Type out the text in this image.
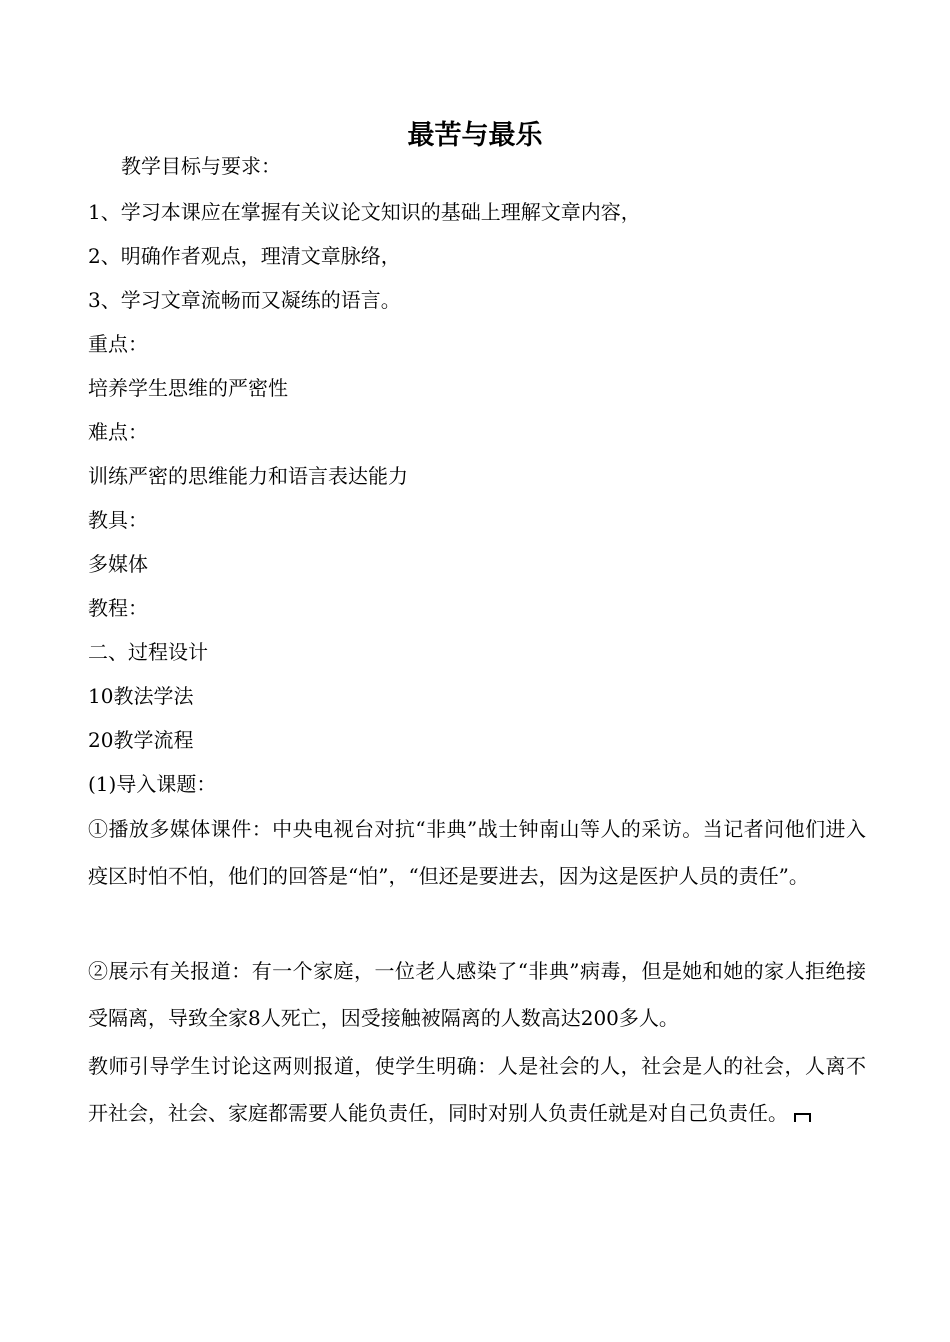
最苦与最乐
教学目标与要求：
1、学习本课应在掌握有关议论文知识的基础上理解文章内容，
2、明确作者观点，理清文章脉络，
3、学习文章流畅而又凝练的语言。
重点：
培养学生思维的严密性
难点：
训练严密的思维能力和语言表达能力
教具：
多媒体
教程：
二、过程设计
10教法学法
20教学流程
(1)导入课题：
①播放多媒体课件：中央电视台对抗“非典”战士钟南山等人的采访。当记者问他们进入疫区时怕不怕，他们的回答是“怕”，“但还是要进去，因为这是医护人员的责任”。
②展示有关报道：有一个家庭，一位老人感染了“非典”病毒，但是她和她的家人拒绝接受隔离，导致全家8人死亡，因受接触被隔离的人数高达200多人。
教师引导学生讨论这两则报道，使学生明确：人是社会的人，社会是人的社会，人离不开社会，社会、家庭都需要人能负责任，同时对别人负责任就是对自己负责任。
